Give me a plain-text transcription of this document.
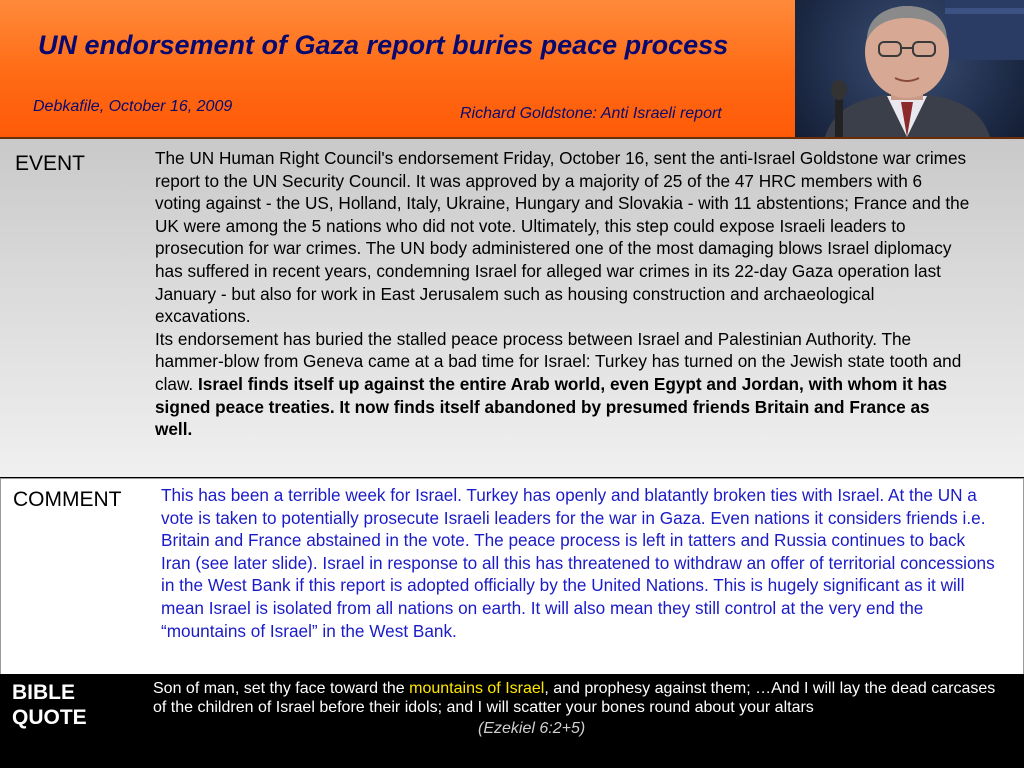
UN endorsement of Gaza report buries peace process
Debkafile, October 16, 2009	Richard Goldstone: Anti Israeli report
EVENT	The UN Human Right Council's endorsement Friday, October 16, sent the anti-Israel Goldstone war crimes report to the UN Security Council. It was approved by a majority of 25 of the 47 HRC members with 6 voting against - the US, Holland, Italy, Ukraine, Hungary and Slovakia - with 11 abstentions; France and the UK were among the 5 nations who did not vote. Ultimately, this step could expose Israeli leaders to prosecution for war crimes. The UN body administered one of the most damaging blows Israel diplomacy has suffered in recent years, condemning Israel for alleged war crimes in its 22-day Gaza operation last January - but also for work in East Jerusalem such as housing construction and archaeological excavations.

Its endorsement has buried the stalled peace process between Israel and Palestinian Authority. The hammer-blow from Geneva came at a bad time for Israel: Turkey has turned on the Jewish state tooth and claw. Israel finds itself up against the entire Arab world, even Egypt and Jordan, with whom it has signed peace treaties. It now finds itself abandoned by presumed friends Britain and France as well.

COMMENT This has been a terrible week for Israel. Turkey has openly and blatantly broken ties with Israel. At the UN a vote is taken to potentially prosecute Israeli leaders for the war in Gaza. Even nations it considers friends i.e. Britain and France abstained in the vote. The peace process is left in tatters and Russia continues to back Iran (see later slide). Israel in response to all this has threatened to withdraw an offer of territorial concessions in the West Bank if this report is adopted officially by the United Nations. This is hugely significant as it will mean Israel is isolated from all nations on earth. It will also mean they still control at the very end the “mountains of Israel” in the West Bank.

BIBLE
QUOTE

Son of man, set thy face toward the mountains of Israel, and prophesy against them; …And I will lay the dead carcases of the children of Israel before their idols; and I will scatter your bones round about your altars

(Ezekiel 6:2+5)
